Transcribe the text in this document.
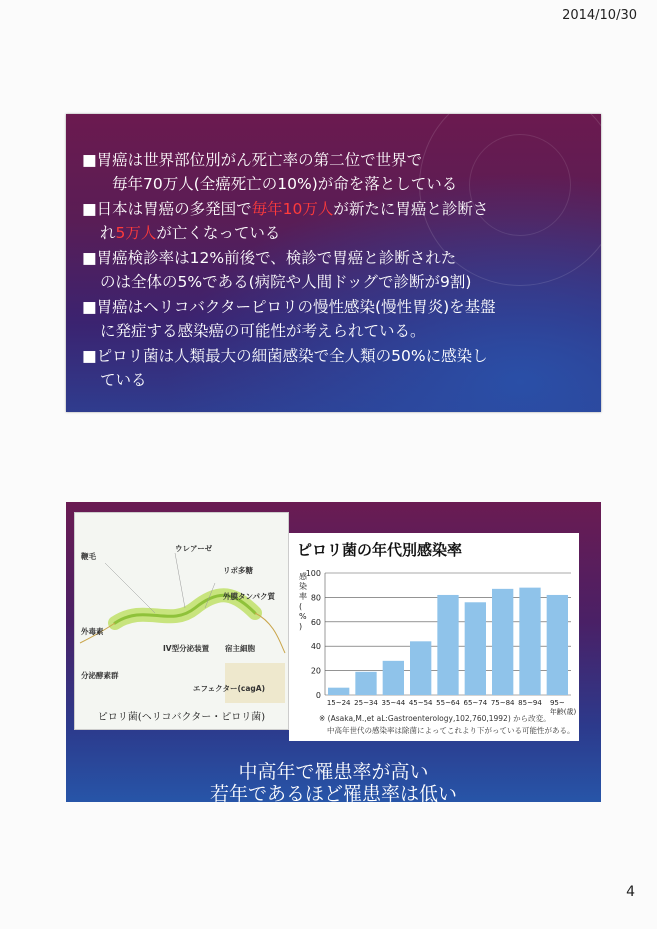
2014/10/30
■胃癌は世界部位別がん死亡率の第二位で世界で
毎年70万人(全癌死亡の10%)が命を落としている
■日本は胃癌の多発国で毎年10万人が新たに胃癌と診断さ
れ5万人が亡くなっている
■胃癌検診率は12%前後で、検診で胃癌と診断された
のは全体の5%である(病院や人間ドッグで診断が9割)
■胃癌はヘリコバクターピロリの慢性感染(慢性胃炎)を基盤
に発症する感染癌の可能性が考えられている。
■ピロリ菌は人類最大の細菌感染で全人類の50%に感染し
ている
鞭毛
ウレアーゼ
リポ多糖
外膜タンパク質
外毒素
IV型分泌装置 宿主細胞
分泌酵素群
エフェクター(cagA)
ピロリ菌(ヘリコバクター・ピロリ菌)
ピロリ菌の年代別感染率
感染率( % )
0
20
40
60
80
100
15~24 25~34 35~44 45~54 55~64 65~74 75~84 85~94 95~
年齢(歳)
※ (Asaka,M.,et aL:Gastroenterology,102,760,1992) から改変。
中高年世代の感染率は除菌によってこれより下がっている可能性がある。
中高年で罹患率が高い
若年であるほど罹患率は低い
4
